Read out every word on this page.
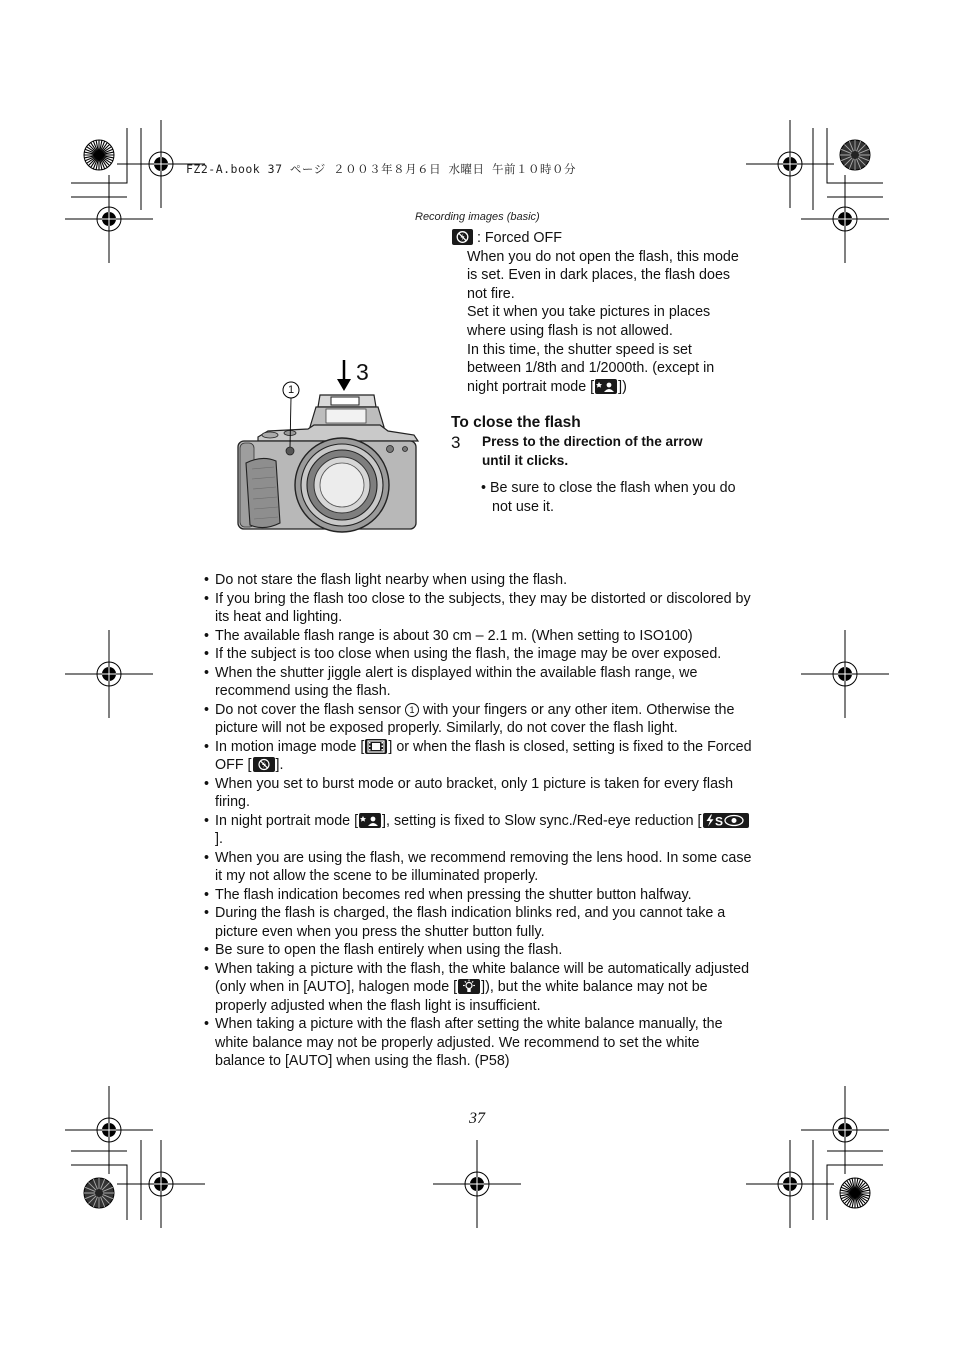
FZ2-A.book 37 ページ ２００３年８月６日 水曜日 午前１０時０分
Recording images (basic)
: Forced OFF
When you do not open the flash, this mode
is set. Even in dark places, the flash does
not fire.
Set it when you take pictures in places
where using flash is not allowed.
In this time, the shutter speed is set
between 1/8th and 1/2000th. (except in
night portrait mode [ ])
1
3
To close the flash
3	Press to the direction of the arrow
until it clicks.
• Be sure to close the flash when you do
not use it.
• Do not stare the flash light nearby when using the flash.
• If you bring the flash too close to the subjects, they may be distorted or discolored by its heat and lighting.
• The available flash range is about 30 cm – 2.1 m. (When setting to ISO100)
• If the subject is too close when using the flash, the image may be over exposed.
• When the shutter jiggle alert is displayed within the available flash range, we recommend using the flash.
• Do not cover the flash sensor 1 with your fingers or any other item. Otherwise the picture will not be exposed properly. Similarly, do not cover the flash light.
• In motion image mode [ ] or when the flash is closed, setting is fixed to the Forced OFF [ ].
• When you set to burst mode or auto bracket, only 1 picture is taken for every flash firing.
• In night portrait mode [ ], setting is fixed to Slow sync./Red-eye reduction [ S
].
• When you are using the flash, we recommend removing the lens hood. In some case it my not allow the scene to be illuminated properly.
• The flash indication becomes red when pressing the shutter button halfway.
• During the flash is charged, the flash indication blinks red, and you cannot take a picture even when you press the shutter button fully.
• Be sure to open the flash entirely when using the flash.
• When taking a picture with the flash, the white balance will be automatically adjusted (only when in [AUTO], halogen mode [ ]), but the white balance may not be properly adjusted when the flash light is insufficient.
• When taking a picture with the flash after setting the white balance manually, the white balance may not be properly adjusted. We recommend to set the white balance to [AUTO] when using the flash. (P58)
37
